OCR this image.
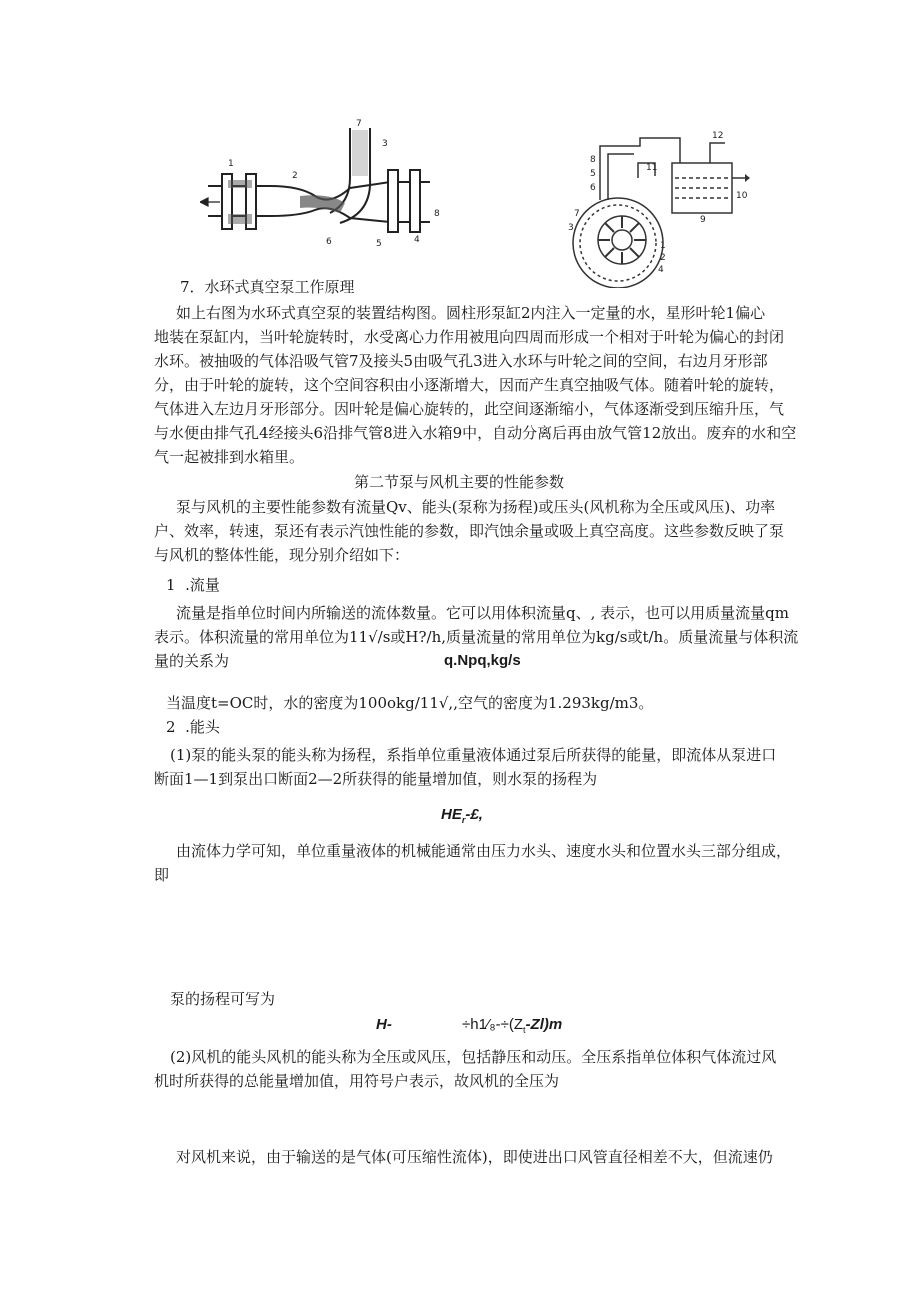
1
2
3
4
5
6
7
8
1
2
3
4
5
6
7
8
9
10
11
12
7．水环式真空泵工作原理
如上右图为水环式真空泵的装置结构图。圆柱形泵缸2内注入一定量的水，星形叶轮1偏心
地装在泵缸内，当叶轮旋转时，水受离心力作用被甩向四周而形成一个相对于叶轮为偏心的封闭
水环。被抽吸的气体沿吸气管7及接头5由吸气孔3进入水环与叶轮之间的空间，右边月牙形部
分，由于叶轮的旋转，这个空间容积由小逐渐增大，因而产生真空抽吸气体。随着叶轮的旋转，
气体进入左边月牙形部分。因叶轮是偏心旋转的，此空间逐渐缩小，气体逐渐受到压缩升压，气
与水便由排气孔4经接头6沿排气管8进入水箱9中，自动分离后再由放气管12放出。废弃的水和空
气一起被排到水箱里。
第二节泵与风机主要的性能参数
泵与风机的主要性能参数有流量Qv、能头(泵称为扬程)或压头(风机称为全压或风压)、功率
户、效率，转速，泵还有表示汽蚀性能的参数，即汽蚀余量或吸上真空高度。这些参数反映了泵
与风机的整体性能，现分别介绍如下：
1 .流量
流量是指单位时间内所输送的流体数量。它可以用体积流量q、, 表示，也可以用质量流量qm
表示。体积流量的常用单位为11√/s或H?/h,质量流量的常用单位为kg/s或t/h。质量流量与体积流
量的关系为	q.Npq,kg/s
当温度t=OC时，水的密度为100okg/11√,,空气的密度为1.293kg/m3。
2 .能头
(1)泵的能头泵的能头称为扬程，系指单位重量液体通过泵后所获得的能量，即流体从泵进口
断面1—1到泵出口断面2—2所获得的能量增加值，则水泵的扬程为
$HE_r-£$,
由流体力学可知，单位重量液体的机械能通常由压力水头、速度水头和位置水头三部分组成，
即
泵的扬程可写为
H-	$\div h1⁄_8-\div(Z_t-Zl)m$
(2)风机的能头风机的能头称为全压或风压，包括静压和动压。全压系指单位体积气体流过风
机时所获得的总能量增加值，用符号户表示，故风机的全压为
对风机来说，由于输送的是气体(可压缩性流体)，即使进出口风管直径相差不大，但流速仍
